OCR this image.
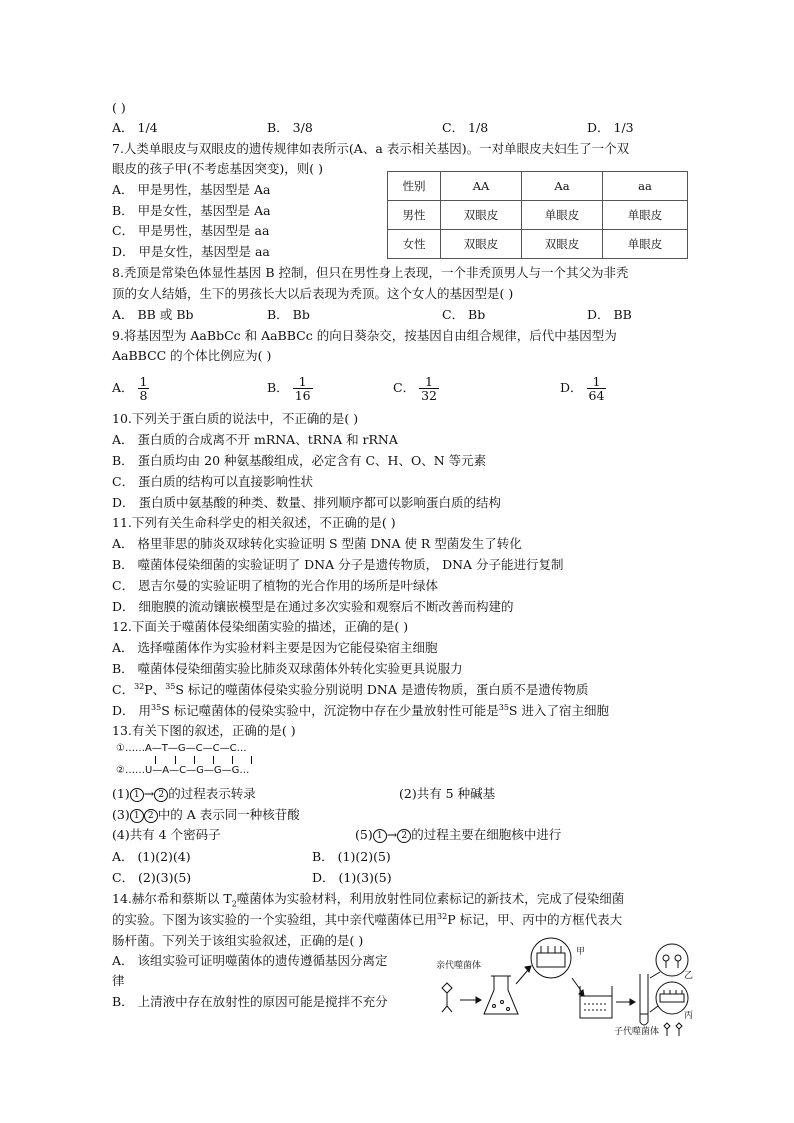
( )
A． 1/4	B． 3/8	C． 1/8	D． 1/3
7.人类单眼皮与双眼皮的遗传规律如表所示(A、a 表示相关基因)。一对单眼皮夫妇生了一个双
眼皮的孩子甲(不考虑基因突变)，则( )
A． 甲是男性，基因型是 Aa
B． 甲是女性，基因型是 Aa
C． 甲是男性，基因型是 aa
D． 甲是女性，基因型是 aa
性别	AA	Aa	aa
男性	双眼皮	单眼皮	单眼皮
女性	双眼皮	双眼皮	单眼皮
8.秃顶是常染色体显性基因 B 控制，但只在男性身上表现，一个非秃顶男人与一个其父为非秃
顶的女人结婚，生下的男孩长大以后表现为秃顶。这个女人的基因型是( )
A． BB 或 Bb	B． Bb	C． Bb	D． BB
9.将基因型为 AaBbCc 和 AaBBCc 的向日葵杂交，按基因自由组合规律，后代中基因型为
AaBBCC 的个体比例应为( )
A． $\frac{1}{8}$	B． $\frac{1}{16}$	C． $\frac{1}{32}$	D． $\frac{1}{64}$
10.下列关于蛋白质的说法中，不正确的是( )
A． 蛋白质的合成离不开 mRNA、tRNA 和 rRNA
B． 蛋白质均由 20 种氨基酸组成，必定含有 C、H、O、N 等元素
C． 蛋白质的结构可以直接影响性状
D． 蛋白质中氨基酸的种类、数量、排列顺序都可以影响蛋白质的结构
11.下列有关生命科学史的相关叙述，不正确的是( )
A． 格里菲思的肺炎双球转化实验证明 S 型菌 DNA 使 R 型菌发生了转化
B． 噬菌体侵染细菌的实验证明了 DNA 分子是遗传物质， DNA 分子能进行复制
C． 恩吉尔曼的实验证明了植物的光合作用的场所是叶绿体
D． 细胞膜的流动镶嵌模型是在通过多次实验和观察后不断改善而构建的
12.下面关于噬菌体侵染细菌实验的描述，正确的是( )
A． 选择噬菌体作为实验材料主要是因为它能侵染宿主细胞
B． 噬菌体侵染细菌实验比肺炎双球菌体外转化实验更具说服力
C．$^{32}$P、$^{35}$S 标记的噬菌体侵染实验分别说明 DNA 是遗传物质，蛋白质不是遗传物质
D． 用$^{35}$S 标记噬菌体的侵染实验中，沉淀物中存在少量放射性可能是$^{35}$S 进入了宿主细胞
13.有关下图的叙述，正确的是( )
①……A—T—G—C—C—C…
②……U—A—C—G—G—G…
(1) 1 → 2 的过程表示转录	(2)共有 5 种碱基
(3) 1 2 中的 A 表示同一种核苷酸
(4)共有 4 个密码子	(5) 1 → 2 的过程主要在细胞核中进行
A． (1)(2)(4)	B． (1)(2)(5)
C． (2)(3)(5)	D． (1)(3)(5)
14.赫尔希和蔡斯以 $T_2$噬菌体为实验材料，利用放射性同位素标记的新技术，完成了侵染细菌
的实验。下图为该实验的一个实验组，其中亲代噬菌体已用$^{32}$P 标记，甲、丙中的方框代表大
肠杆菌。下列关于该组实验叙述，正确的是( )
A． 该组实验可证明噬菌体的遗传遵循基因分离定
律
B． 上清液中存在放射性的原因可能是搅拌不充分
亲代噬菌体
甲
乙
丙
子代噬菌体
